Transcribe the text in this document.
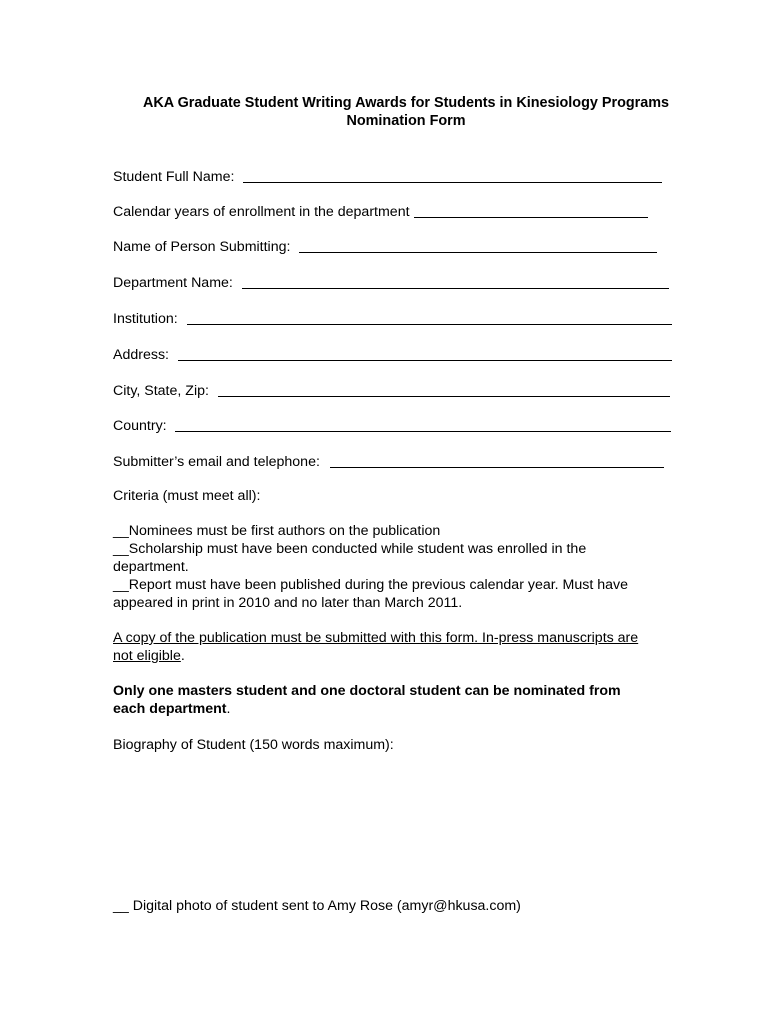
AKA Graduate Student Writing Awards for Students in Kinesiology Programs
Nomination Form
Student Full Name:
Calendar years of enrollment in the department
Name of Person Submitting:
Department Name:
Institution:
Address:
City, State, Zip:
Country:
Submitter’s email and telephone:
Criteria (must meet all):
__Nominees must be first authors on the publication
__Scholarship must have been conducted while student was enrolled in the
department.
__Report must have been published during the previous calendar year. Must have
appeared in print in 2010 and no later than March 2011.
A copy of the publication must be submitted with this form. In-press manuscripts are
not eligible.
Only one masters student and one doctoral student can be nominated from
each department.
Biography of Student (150 words maximum):
__ Digital photo of student sent to Amy Rose (amyr@hkusa.com)
